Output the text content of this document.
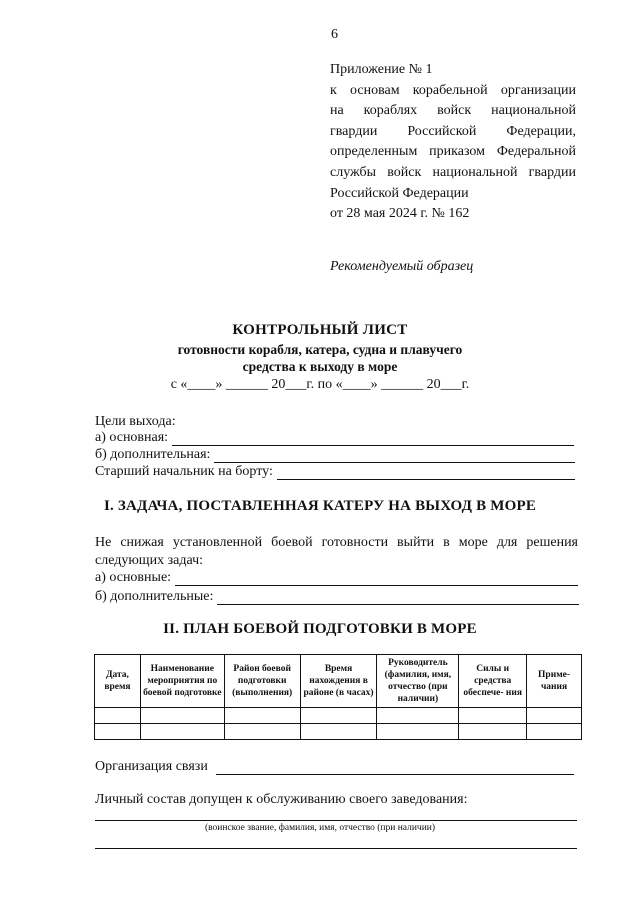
6
Приложение № 1
к основам корабельной организации
на кораблях войск национальной
гвардии Российской Федерации,
определенным приказом Федеральной
службы войск национальной гвардии
Российской Федерации
от 28 мая 2024 г. № 162
Рекомендуемый образец
КОНТРОЛЬНЫЙ ЛИСТ
готовности корабля, катера, судна и плавучего
средства к выходу в море
с «____» ______ 20___г. по «____» ______ 20___г.
Цели выхода:
а) основная:
б) дополнительная:
Старший начальник на борту:
I. ЗАДАЧА, ПОСТАВЛЕННАЯ КАТЕРУ НА ВЫХОД В МОРЕ
Не снижая установленной боевой готовности выйти в море для решения
следующих задач:
а) основные:
б) дополнительные:
II. ПЛАН БОЕВОЙ ПОДГОТОВКИ В МОРЕ
Дата, время	Наименование мероприятия по боевой подготовке	Район боевой подготовки (выполнения)	Время нахождения в районе (в часах)	Руководитель (фамилия, имя, отчество (при наличии)	Силы и средства обеспече- ния	Приме- чания

Организация связи
Личный состав допущен к обслуживанию своего заведования:
(воинское звание, фамилия, имя, отчество (при наличии)
